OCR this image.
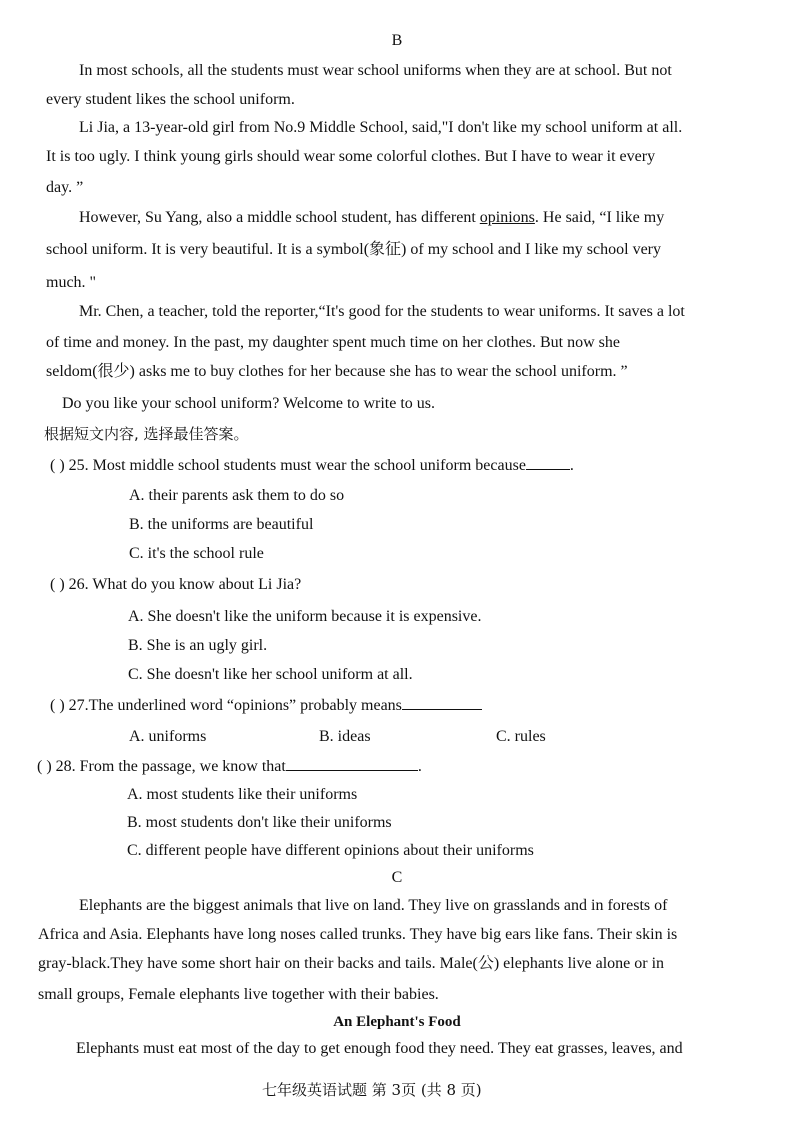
B
In most schools, all the students must wear school uniforms when they are at school. But not
every student likes the school uniform.
Li Jia, a 13-year-old girl from No.9 Middle School, said,"I don't like my school uniform at all.
It is too ugly. I think young girls should wear some colorful clothes. But I have to wear it every
day. ”
However, Su Yang, also a middle school student, has different opinions. He said, “I like my
school uniform. It is very beautiful. It is a symbol(象征) of my school and I like my school very
much. "
Mr. Chen, a teacher, told the reporter,“It's good for the students to wear uniforms. It saves a lot
of time and money. In the past, my daughter spent much time on her clothes. But now she
seldom(很少) asks me to buy clothes for her because she has to wear the school uniform. ”
Do you like your school uniform? Welcome to write to us.
根据短文内容, 选择最佳答案。
( ) 25. Most middle school students must wear the school uniform because	.
A. their parents ask them to do so
B. the uniforms are beautiful
C. it's the school rule
( ) 26. What do you know about Li Jia?
A. She doesn't like the uniform because it is expensive.
B. She is an ugly girl.
C. She doesn't like her school uniform at all.
( ) 27.The underlined word “opinions” probably means
A. uniforms	B. ideas	C. rules
( ) 28. From the passage, we know that	.
A. most students like their uniforms
B. most students don't like their uniforms
C. different people have different opinions about their uniforms
C
Elephants are the biggest animals that live on land. They live on grasslands and in forests of
Africa and Asia. Elephants have long noses called trunks. They have big ears like fans. Their skin is
gray-black.They have some short hair on their backs and tails. Male(公) elephants live alone or in
small groups, Female elephants live together with their babies.
An Elephant's Food
Elephants must eat most of the day to get enough food they need. They eat grasses, leaves, and
七年级英语试题 第 3页 (共 8 页)
